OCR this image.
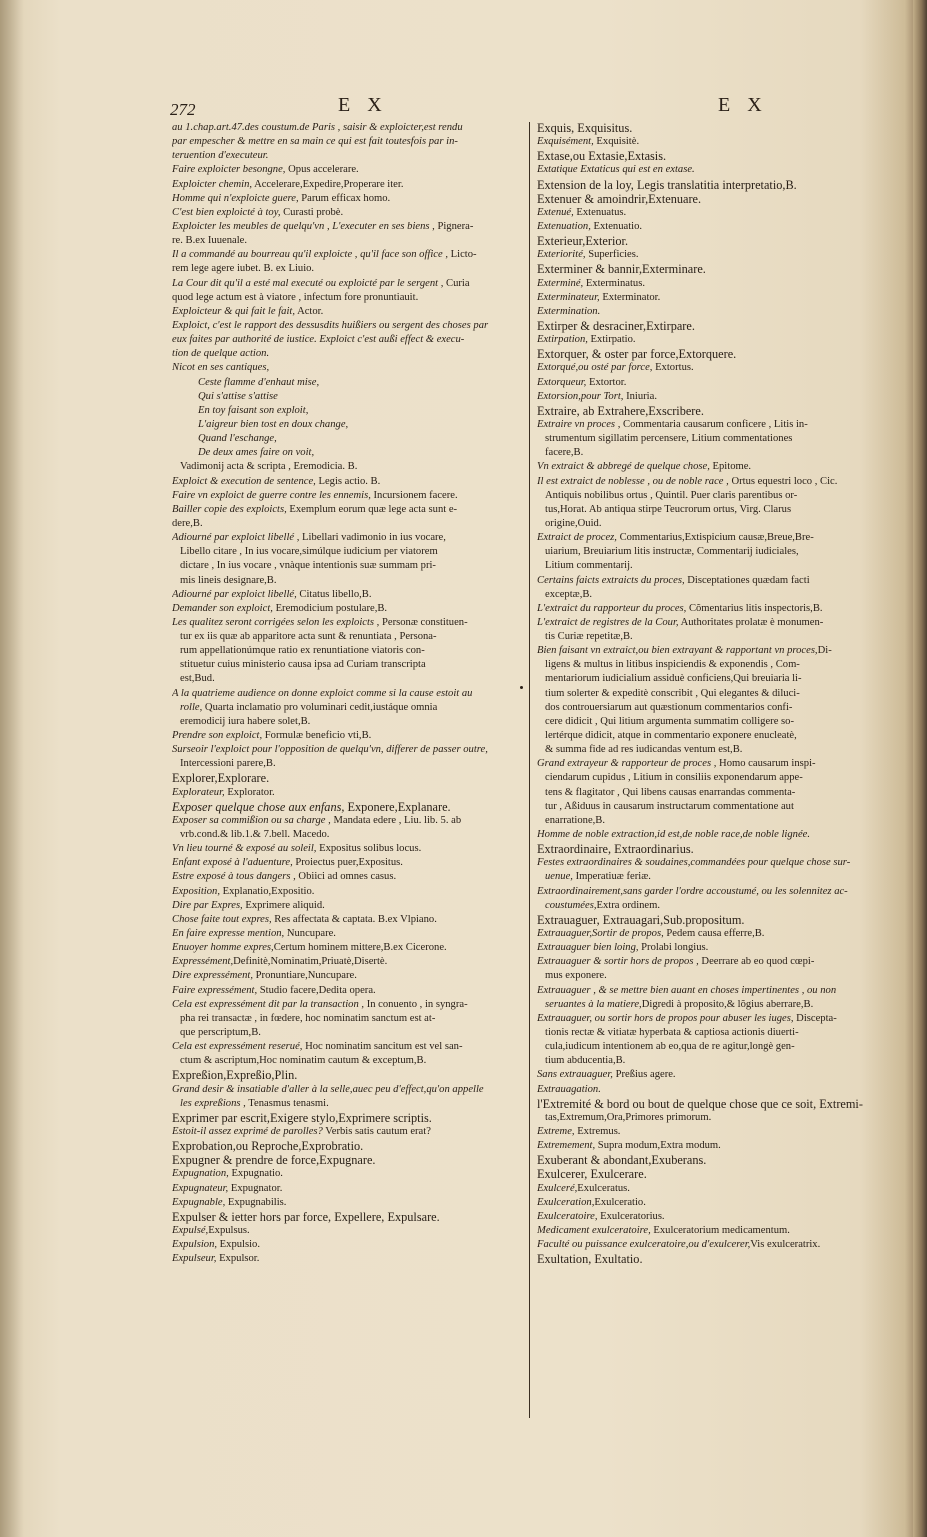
272	E X	E X
au 1.chap.art.47.des coustum.de Paris , saisir & exploicter,est rendu
par empescher & mettre en sa main ce qui est fait toutesfois par in-
teruention d'executeur.
Faire exploicter besongne, Opus accelerare.
Exploicter chemin, Accelerare,Expedire,Properare iter.
Homme qui n'exploicte guere, Parum efficax homo.
C'est bien exploicté à toy, Curasti probè.
Exploicter les meubles de quelqu'vn , L'executer en ses biens , Pignera-
re. B.ex Iuuenale.
Il a commandé au bourreau qu'il exploicte , qu'il face son office , Licto-
rem lege agere iubet. B. ex Liuio.
La Cour dit qu'il a esté mal executé ou exploicté par le sergent , Curia
quod lege actum est à viatore , infectum fore pronuntiauit.
Exploicteur & qui fait le fait, Actor.
Exploict, c'est le rapport des dessusdits huißiers ou sergent des choses par
eux faites par authorité de iustice. Exploict c'est außi effect & execu-
tion de quelque action.
Nicot en ses cantiques,
Ceste flamme d'enhaut mise,
Qui s'attise s'attise
En toy faisant son exploit,
L'aigreur bien tost en doux change,
Quand l'eschange,
De deux ames faire on voit,
Vadimonij acta & scripta , Eremodicia. B.
Exploict & execution de sentence, Legis actio. B.
Faire vn exploict de guerre contre les ennemis, Incursionem facere.
Bailler copie des exploicts, Exemplum eorum quæ lege acta sunt e-
dere,B.
Adiourné par exploict libellé , Libellari vadimonio in ius vocare,
Libello citare , In ius vocare,simúlque iudicium per viatorem
dictare , In ius vocare , vnàque intentionis suæ summam pri-
mis lineis designare,B.
Adiourné par exploict libellé, Citatus libello,B.
Demander son exploict, Eremodicium postulare,B.
Les qualitez seront corrigées selon les exploicts , Personæ constituen-
tur ex iis quæ ab apparitore acta sunt & renuntiata , Persona-
rum appellationúmque ratio ex renuntiatione viatoris con-
stituetur cuius ministerio causa ipsa ad Curiam transcripta
est,Bud.
A la quatrieme audience on donne exploict comme si la cause estoit au
rolle, Quarta inclamatio pro voluminari cedit,iustáque omnia
eremodicij iura habere solet,B.
Prendre son exploict, Formulæ beneficio vti,B.
Surseoir l'exploict pour l'opposition de quelqu'vn, differer de passer outre,
Intercessioni parere,B.
Explorer,Explorare.
Explorateur, Explorator.
Exposer quelque chose aux enfans, Exponere,Explanare.
Exposer sa commißion ou sa charge , Mandata edere , Liu. lib. 5. ab
vrb.cond.& lib.1.& 7.bell. Macedo.
Vn lieu tourné & exposé au soleil, Expositus solibus locus.
Enfant exposé à l'aduenture, Proiectus puer,Expositus.
Estre exposé à tous dangers , Obiici ad omnes casus.
Exposition, Explanatio,Expositio.
Dire par Expres, Exprimere aliquid.
Chose faite tout expres, Res affectata & captata. B.ex Vlpiano.
En faire expresse mention, Nuncupare.
Enuoyer homme expres,Certum hominem mittere,B.ex Cicerone.
Expressément,Definitè,Nominatim,Priuatè,Disertè.
Dire expressément, Pronuntiare,Nuncupare.
Faire expressément, Studio facere,Dedita opera.
Cela est expressément dit par la transaction , In conuento , in syngra-
pha rei transactæ , in fœdere, hoc nominatim sanctum est at-
que perscriptum,B.
Cela est expressément reserué, Hoc nominatim sancitum est vel san-
ctum & ascriptum,Hoc nominatim cautum & exceptum,B.
Expreßion,Expreßio,Plin.
Grand desir & insatiable d'aller à la selle,auec peu d'effect,qu'on appelle
les expreßions , Tenasmus tenasmi.
Exprimer par escrit,Exigere stylo,Exprimere scriptis.
Estoit-il assez exprimé de parolles? Verbis satis cautum erat?
Exprobation,ou Reproche,Exprobratio.
Expugner & prendre de force,Expugnare.
Expugnation, Expugnatio.
Expugnateur, Expugnator.
Expugnable, Expugnabilis.
Expulser & ietter hors par force, Expellere, Expulsare.
Expulsé,Expulsus.
Expulsion, Expulsio.
Expulseur, Expulsor.
Exquis, Exquisitus.
Exquisément, Exquisitè.
Extase,ou Extasie,Extasis.
Extatique Extaticus qui est en extase.
Extension de la loy, Legis translatitia interpretatio,B.
Extenuer & amoindrir,Extenuare.
Extenué, Extenuatus.
Extenuation, Extenuatio.
Exterieur,Exterior.
Exteriorité, Superficies.
Exterminer & bannir,Exterminare.
Exterminé, Exterminatus.
Exterminateur, Exterminator.
Extermination.
Extirper & desraciner,Extirpare.
Extirpation, Extirpatio.
Extorquer, & oster par force,Extorquere.
Extorqué,ou osté par force, Extortus.
Extorqueur, Extortor.
Extorsion,pour Tort, Iniuria.
Extraire, ab Extrahere,Exscribere.
Extraire vn proces , Commentaria causarum conficere , Litis in-
strumentum sigillatim percensere, Litium commentationes
facere,B.
Vn extraict & abbregé de quelque chose, Epitome.
Il est extraict de noblesse , ou de noble race , Ortus equestri loco , Cic.
Antiquis nobilibus ortus , Quintil. Puer claris parentibus or-
tus,Horat. Ab antiqua stirpe Teucrorum ortus, Virg. Clarus
origine,Ouid.
Extraict de procez, Commentarius,Extispicium causæ,Breue,Bre-
uiarium, Breuiarium litis instructæ, Commentarij iudiciales,
Litium commentarij.
Certains faicts extraicts du proces, Disceptationes quædam facti
exceptæ,B.
L'extraict du rapporteur du proces, Cõmentarius litis inspectoris,B.
L'extraict de registres de la Cour, Authoritates prolatæ è monumen-
tis Curiæ repetitæ,B.
Bien faisant vn extraict,ou bien extrayant & rapportant vn proces,Di-
ligens & multus in litibus inspiciendis & exponendis , Com-
mentariorum iudicialium assiduè conficiens,Qui breuiaria li-
tium solerter & expeditè conscribit , Qui elegantes & diluci-
dos controuersiarum aut quæstionum commentarios confi-
cere didicit , Qui litium argumenta summatim colligere so-
lertérque didicit, atque in commentario exponere enucleatè,
& summa fide ad res iudicandas ventum est,B.
Grand extrayeur & rapporteur de proces , Homo causarum inspi-
ciendarum cupidus , Litium in consiliis exponendarum appe-
tens & flagitator , Qui libens causas enarrandas commenta-
tur , Aßiduus in causarum instructarum commentatione aut
enarratione,B.
Homme de noble extraction,id est,de noble race,de noble lignée.
Extraordinaire, Extraordinarius.
Festes extraordinaires & soudaines,commandées pour quelque chose sur-
uenue, Imperatiuæ feriæ.
Extraordinairement,sans garder l'ordre accoustumé, ou les solennitez ac-
coustumées,Extra ordinem.
Extrauaguer, Extrauagari,Sub.propositum.
Extrauaguer,Sortir de propos, Pedem causa efferre,B.
Extrauaguer bien loing, Prolabi longius.
Extrauaguer & sortir hors de propos , Deerrare ab eo quod cœpi-
mus exponere.
Extrauaguer , & se mettre bien auant en choses impertinentes , ou non
seruantes à la matiere,Digredi à proposito,& lõgius aberrare,B.
Extrauaguer, ou sortir hors de propos pour abuser les iuges, Discepta-
tionis rectæ & vitiatæ hyperbata & captiosa actionis diuerti-
cula,iudicum intentionem ab eo,qua de re agitur,longè gen-
tium abducentia,B.
Sans extrauaguer, Preßius agere.
Extrauagation.
l'Extremité & bord ou bout de quelque chose que ce soit, Extremi-
tas,Extremum,Ora,Primores primorum.
Extreme, Extremus.
Extremement, Supra modum,Extra modum.
Exuberant & abondant,Exuberans.
Exulcerer, Exulcerare.
Exulceré,Exulceratus.
Exulceration,Exulceratio.
Exulceratoire, Exulceratorius.
Medicament exulceratoire, Exulceratorium medicamentum.
Faculté ou puissance exulceratoire,ou d'exulcerer,Vis exulceratrix.
Exultation, Exultatio.
